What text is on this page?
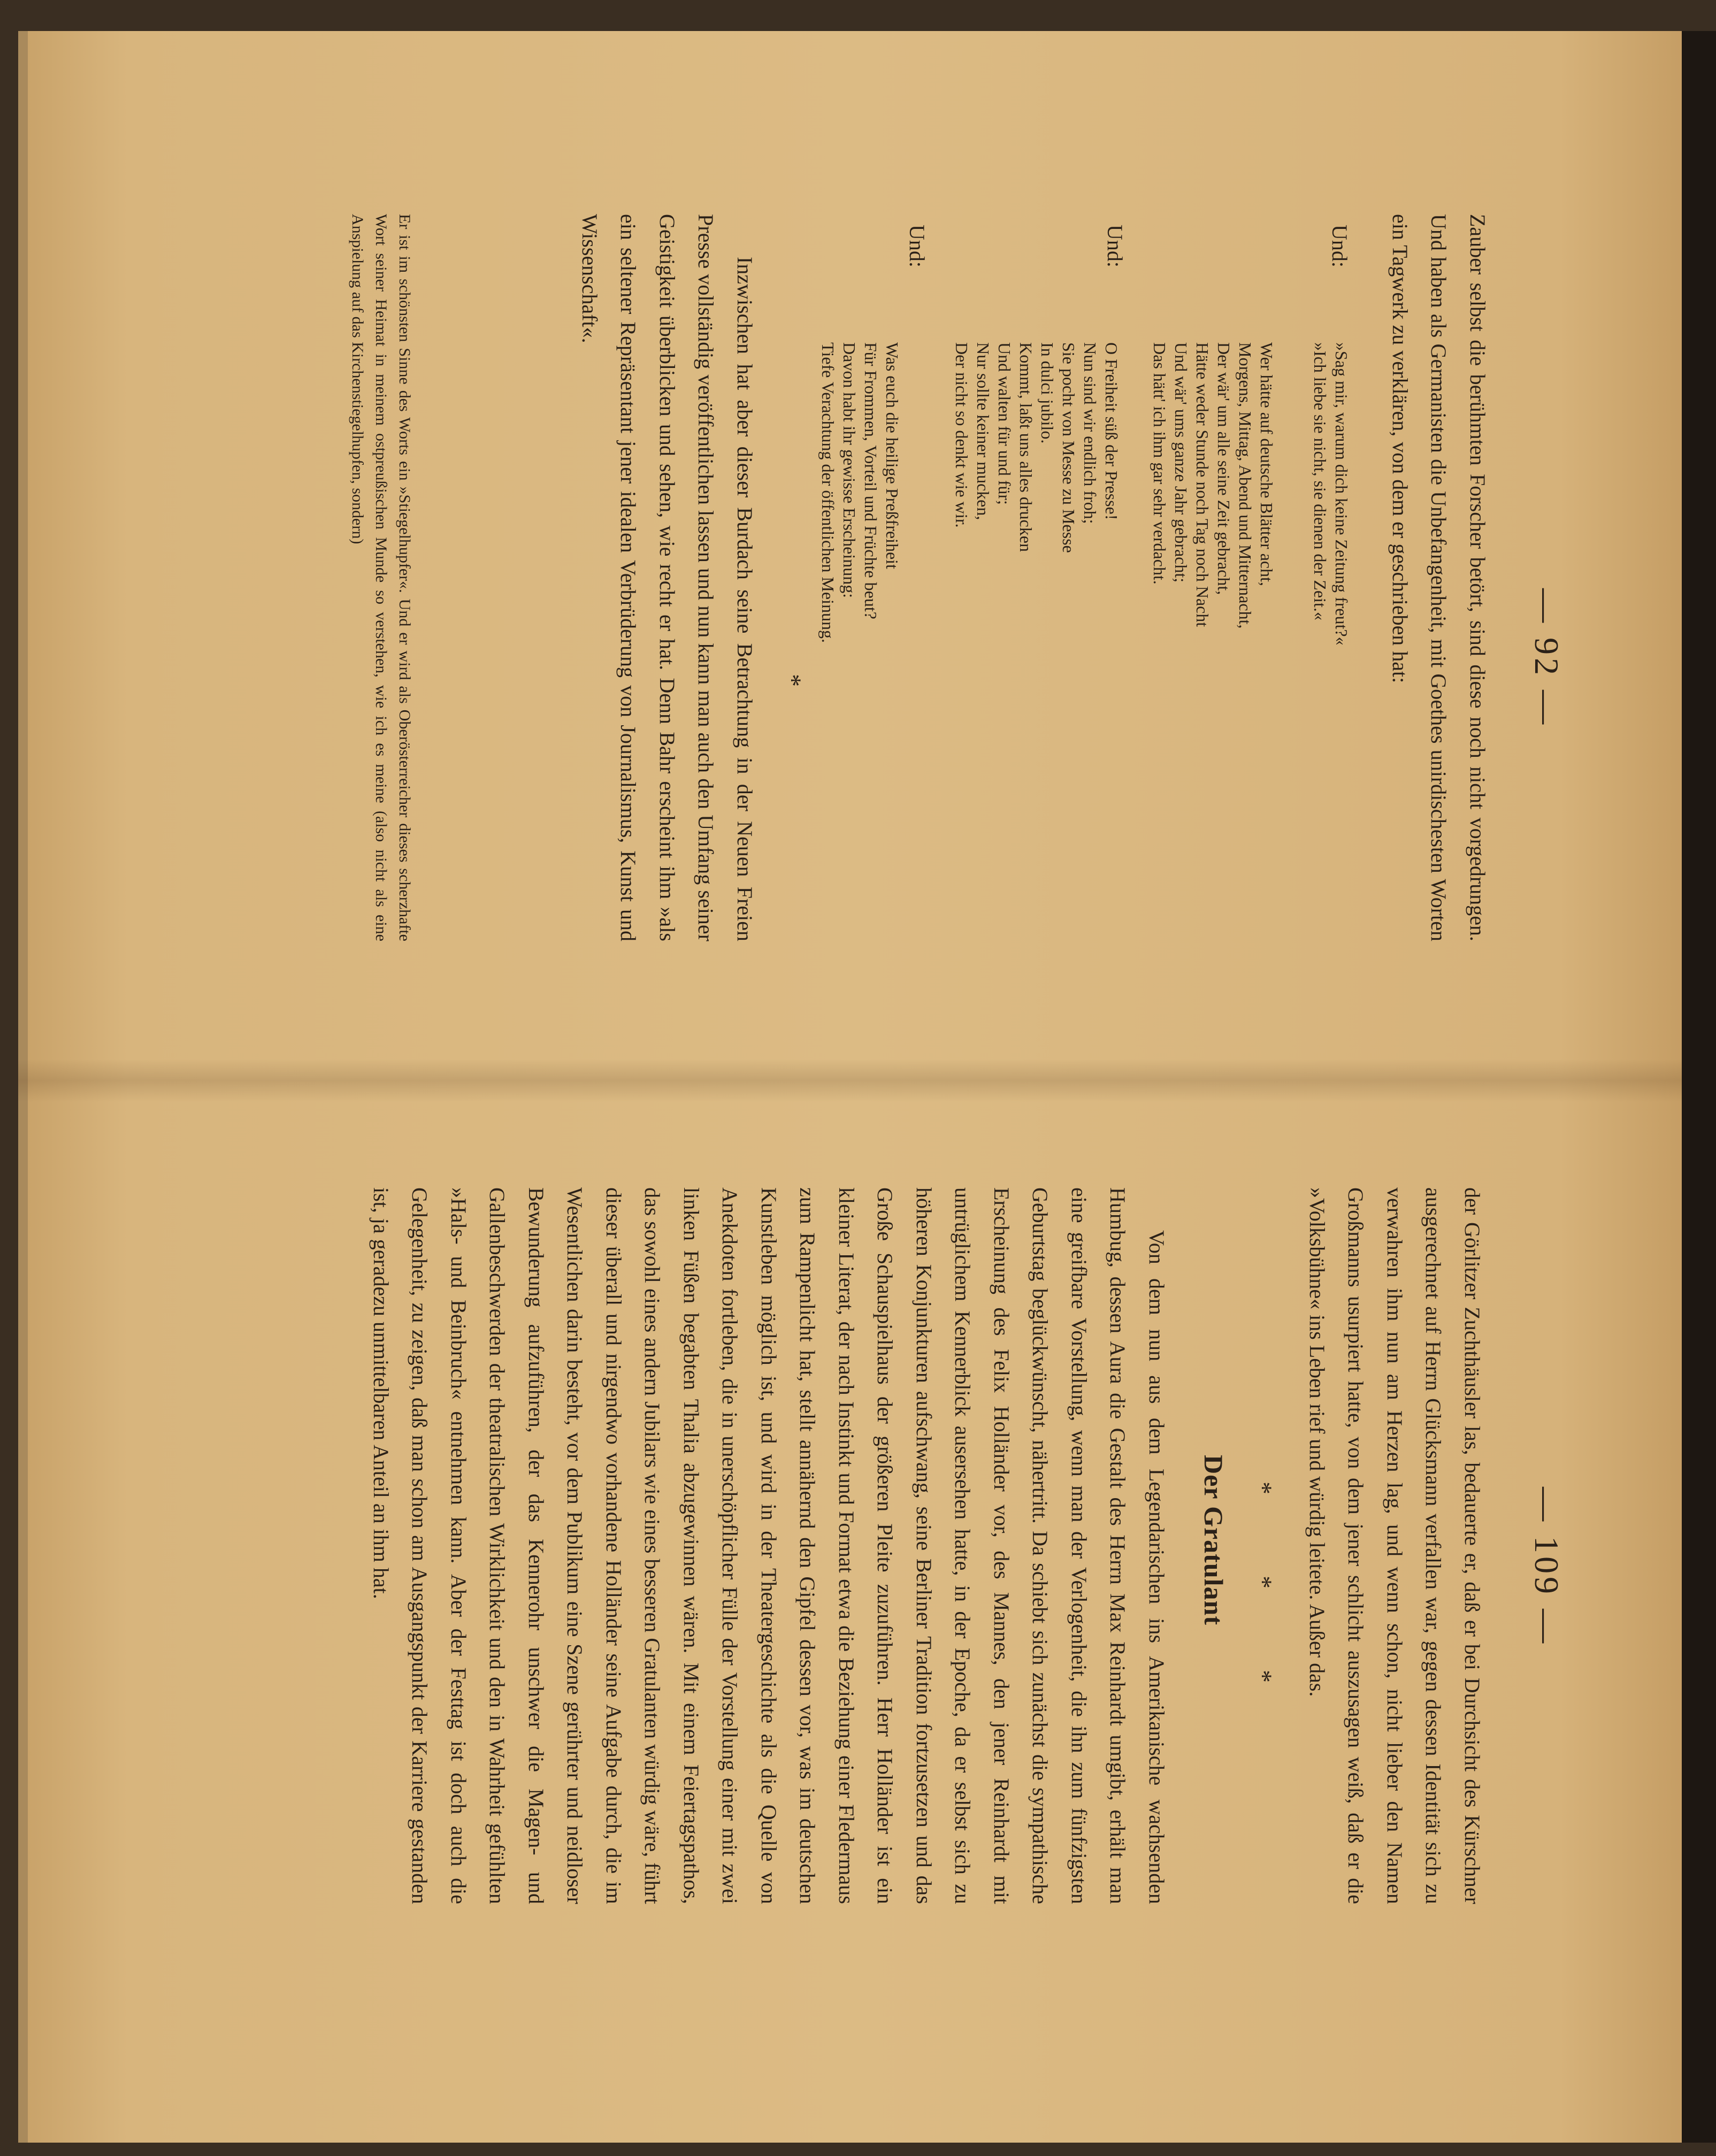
— 109 —

der Görlitzer Zuchthäusler las, bedauerte er, daß er bei Durchsicht des Kürschner ausgerechnet auf Herrn Glücksmann verfallen war, gegen dessen Identität sich zu verwahren ihm nun am Herzen lag, und wenn schon, nicht lieber den Namen Großmanns usurpiert hatte, von dem jener schlicht auszusagen weiß, daß er die »Volksbühne« ins Leben rief und würdig leitete. Außer das.

* * *
Der Gratulant

Von dem nun aus dem Legendarischen ins Amerikanische wachsenden Humbug, dessen Aura die Gestalt des Herrn Max Reinhardt umgibt, erhält man eine greifbare Vorstellung, wenn man der Verlogenheit, die ihn zum fünfzigsten Geburtstag beglückwünscht, nähertritt. Da schiebt sich zunächst die sympathische Erscheinung des Felix Holländer vor, des Mannes, den jener Reinhardt mit untrüglichem Kennerblick ausersehen hatte, in der Epoche, da er selbst sich zu höheren Konjunkturen aufschwang, seine Berliner Tradition fortzusetzen und das Große Schauspielhaus der größeren Pleite zuzuführen. Herr Holländer ist ein kleiner Literat, der nach Instinkt und Format etwa die Beziehung einer Fledermaus zum Rampenlicht hat, stellt annähernd den Gipfel dessen vor, was im deutschen Kunstleben möglich ist, und wird in der Theatergeschichte als die Quelle von Anekdoten fortleben, die in unerschöpflicher Fülle der Vorstellung einer mit zwei linken Füßen begabten Thalia abzugewinnen wären. Mit einem Feiertagspathos, das sowohl eines andern Jubilars wie eines besseren Gratulanten würdig wäre, führt dieser überall und nirgendwo vorhandene Holländer seine Aufgabe durch, die im Wesentlichen darin besteht, vor dem Publikum eine Szene gerührter und neidloser Bewunderung aufzuführen, der das Kennerohr unschwer die Magen- und Gallenbeschwerden der theatralischen Wirklichkeit und den in Wahrheit gefühlten »Hals- und Beinbruch« entnehmen kann. Aber der Festtag ist doch auch die Gelegenheit, zu zeigen, daß man schon am Ausgangspunkt der Karriere gestanden ist, ja geradezu unmittelbaren Anteil an ihm hat.

— 92 —

Zauber selbst die berühmten Forscher betört, sind diese noch nicht vorgedrungen. Und haben als Germanisten die Unbefangenheit, mit Goethes unirdischesten Worten ein Tagwerk zu verklären, von dem er geschrieben hat:

Und:
»Sag mir, warum dich keine Zeitung freut?«
»Ich liebe sie nicht, sie dienen der Zeit.«
Wer hätte auf deutsche Blätter acht,
Morgens, Mittag, Abend und Mitternacht,
Der wär' um alle seine Zeit gebracht,
Hätte weder Stunde noch Tag noch Nacht
Und wär' ums ganze Jahr gebracht;
Das hätt' ich ihm gar sehr verdacht.
Und:
O Freiheit süß der Presse!
Nun sind wir endlich froh;
Sie pocht von Messe zu Messe
In dulci jubilo.
Kommt, laßt uns alles drucken
Und walten für und für;
Nur sollte keiner mucken,
Der nicht so denkt wie wir.
Und:
Was euch die heilige Preßfreiheit
Für Frommen, Vorteil und Früchte beut?
Davon habt ihr gewisse Erscheinung:
Tiefe Verachtung der öffentlichen Meinung.
*

Inzwischen hat aber dieser Burdach seine Betrachtung in der Neuen Freien Presse vollständig veröffentlichen lassen und nun kann man auch den Umfang seiner Geistigkeit überblicken und sehen, wie recht er hat. Denn Bahr erscheint ihm »als ein seltener Repräsentant jener idealen Verbrüderung von Journalismus, Kunst und Wissenschaft«.

Er ist im schönsten Sinne des Worts ein »Stiegelhupfer«. Und er wird als Oberösterreicher dieses scherzhafte Wort seiner Heimat in meinem ostpreußischen Munde so verstehen, wie ich es meine (also nicht als eine Anspielung auf das Kirchenstiegelhupfen, sondern)
